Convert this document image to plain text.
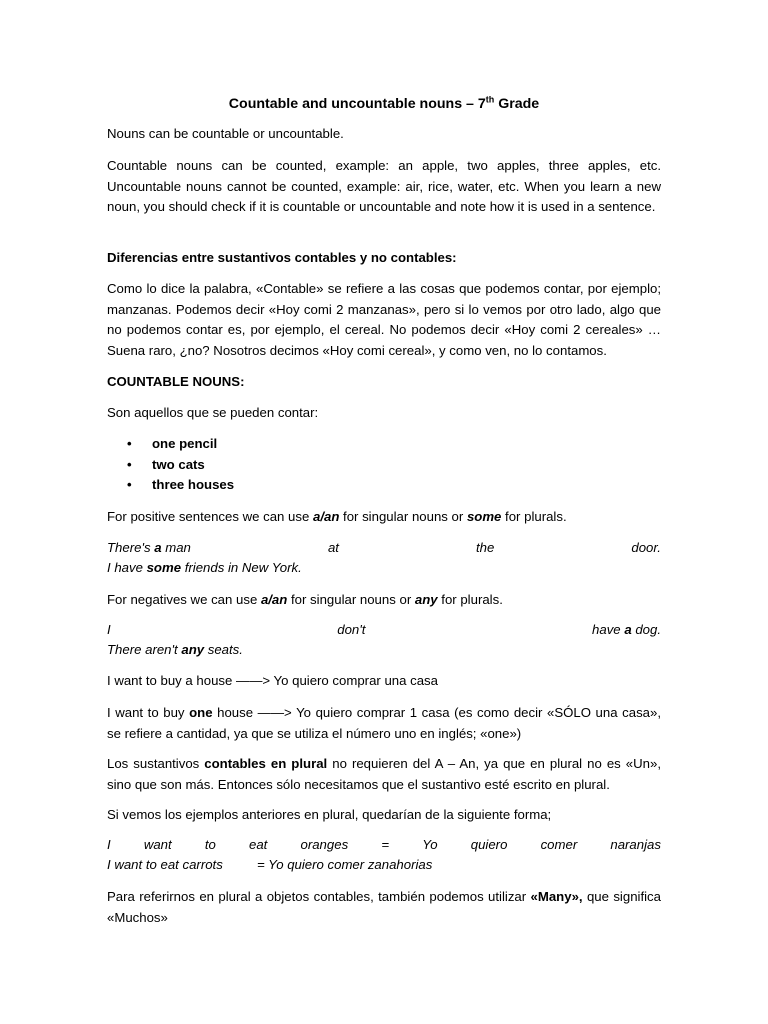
Countable and uncountable nouns – 7th Grade

Nouns can be countable or uncountable.

Countable nouns can be counted, example: an apple, two apples, three apples, etc. Uncountable nouns cannot be counted, example: air, rice, water, etc. When you learn a new noun, you should check if it is countable or uncountable and note how it is used in a sentence.

Diferencias entre sustantivos contables y no contables:

Como lo dice la palabra, «Contable» se refiere a las cosas que podemos contar, por ejemplo; manzanas. Podemos decir «Hoy comi 2 manzanas», pero si lo vemos por otro lado, algo que no podemos contar es, por ejemplo, el cereal. No podemos decir «Hoy comi 2 cereales» … Suena raro, ¿no? Nosotros decimos «Hoy comi cereal», y como ven, no lo contamos.

COUNTABLE NOUNS:

Son aquellos que se pueden contar:

• one pencil
• two cats
• three houses

For positive sentences we can use a/an for singular nouns or some for plurals.

There's a man	at	the	door.

I have some friends in New York.

For negatives we can use a/an for singular nouns or any for plurals.

I	don't	have a dog.

There aren't any seats.

I want to buy a house ——> Yo quiero comprar una casa

I want to buy one house ——> Yo quiero comprar 1 casa (es como decir «SÓLO una casa», se refiere a cantidad, ya que se utiliza el número uno en inglés; «one»)

Los sustantivos contables en plural no requieren del A – An, ya que en plural no es «Un», sino que son más. Entonces sólo necesitamos que el sustantivo esté escrito en plural.

Si vemos los ejemplos anteriores en plural, quedarían de la siguiente forma;

I	want	to	eat	oranges	=	Yo	quiero	comer	naranjas

I want to eat carrots	= Yo quiero comer zanahorias

Para referirnos en plural a objetos contables, también podemos utilizar «Many», que significa «Muchos»
